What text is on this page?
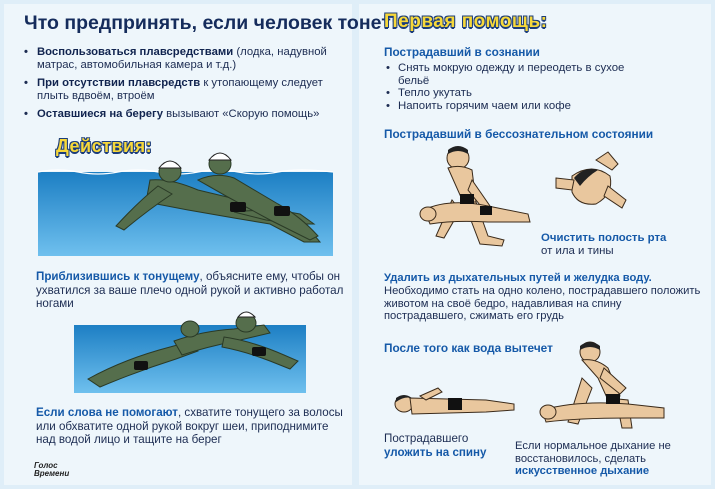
Что предпринять, если человек тонет:
• Воспользоваться плавсредствами (лодка, надувной матрас, автомобильная камера и т.д.)
• При отсутствии плавсредств к утопающему следует плыть вдвоём, втроём
• Оставшиеся на берегу вызывают «Скорую помощь»
Действия:
Приблизившись к тонущему, объясните ему, чтобы он ухватился за ваше плечо одной рукой и активно работал ногами
Если слова не помогают, схватите тонущего за волосы или обхватите одной рукой вокруг шеи, приподнимите над водой лицо и тащите на берег
Голос
Времени
Первая помощь:
Пострадавший в сознании
• Снять мокрую одежду и переодеть в сухое бельё
• Тепло укутать
• Напоить горячим чаем или кофе
Пострадавший в бессознательном состоянии
Очистить полость рта
от ила и тины
Удалить из дыхательных путей и желудка воду. Необходимо стать на одно колено, пострадавшего положить животом на своё бедро, надавливая на спину пострадавшего, сжимать его грудь
После того как вода вытечет
Пострадавшего
уложить на спину	Если нормальное дыхание не восстановилось, сделать искусственное дыхание
